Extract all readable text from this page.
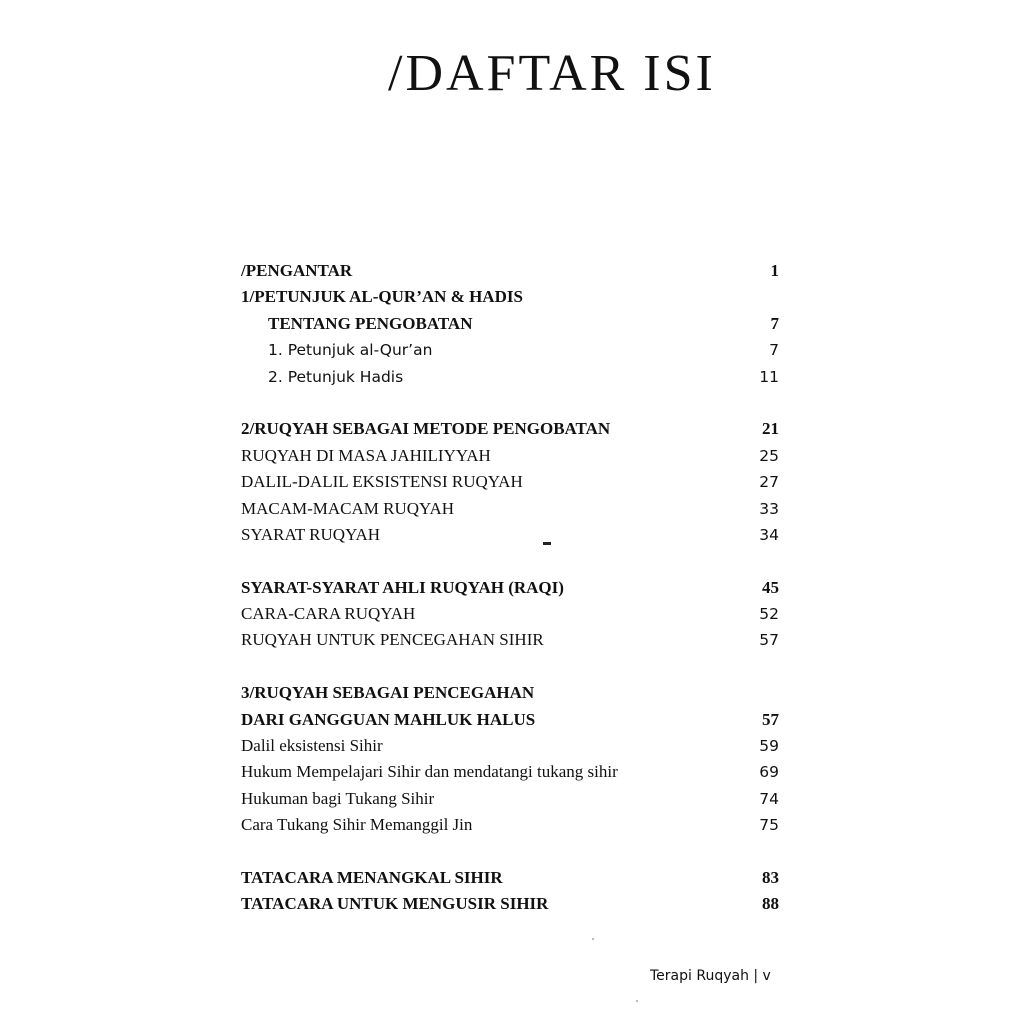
/DAFTAR ISI
/PENGANTAR	1
1/PETUNJUK AL-QUR’AN & HADIS
TENTANG PENGOBATAN	7
1. Petunjuk al-Qur’an	7
2. Petunjuk Hadis	11
2/RUQYAH SEBAGAI METODE PENGOBATAN	21
RUQYAH DI MASA JAHILIYYAH	25
DALIL-DALIL EKSISTENSI RUQYAH	27
MACAM-MACAM RUQYAH	33
SYARAT RUQYAH	34
SYARAT-SYARAT AHLI RUQYAH (RAQI)	45
CARA-CARA RUQYAH	52
RUQYAH UNTUK PENCEGAHAN SIHIR	57
3/RUQYAH SEBAGAI PENCEGAHAN
DARI GANGGUAN MAHLUK HALUS	57
Dalil eksistensi Sihir	59
Hukum Mempelajari Sihir dan mendatangi tukang sihir	69
Hukuman bagi Tukang Sihir	74
Cara Tukang Sihir Memanggil Jin	75
TATACARA MENANGKAL SIHIR	83
TATACARA UNTUK MENGUSIR SIHIR	88
Terapi Ruqyah | v
